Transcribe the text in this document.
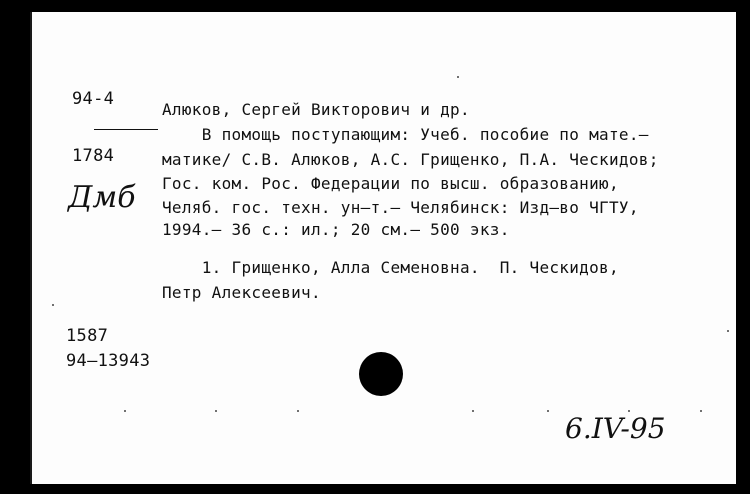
94-4
1784
Дмб
Алюков, Сергей Викторович и др.
В помощь поступающим: Учеб. пособие по мате.–
матике/ С.В. Алюков, А.С. Грищенко, П.А. Ческидов;
Гос. ком. Рос. Федерации по высш. образованию,
Челяб. гос. техн. ун–т.– Челябинск: Изд–во ЧГТУ,
1994.– 36 с.: ил.; 20 см.– 500 экз.
1. Грищенко, Алла Семеновна.  П. Ческидов,
Петр Алексеевич.
1587
94–13943
6.IV-95
